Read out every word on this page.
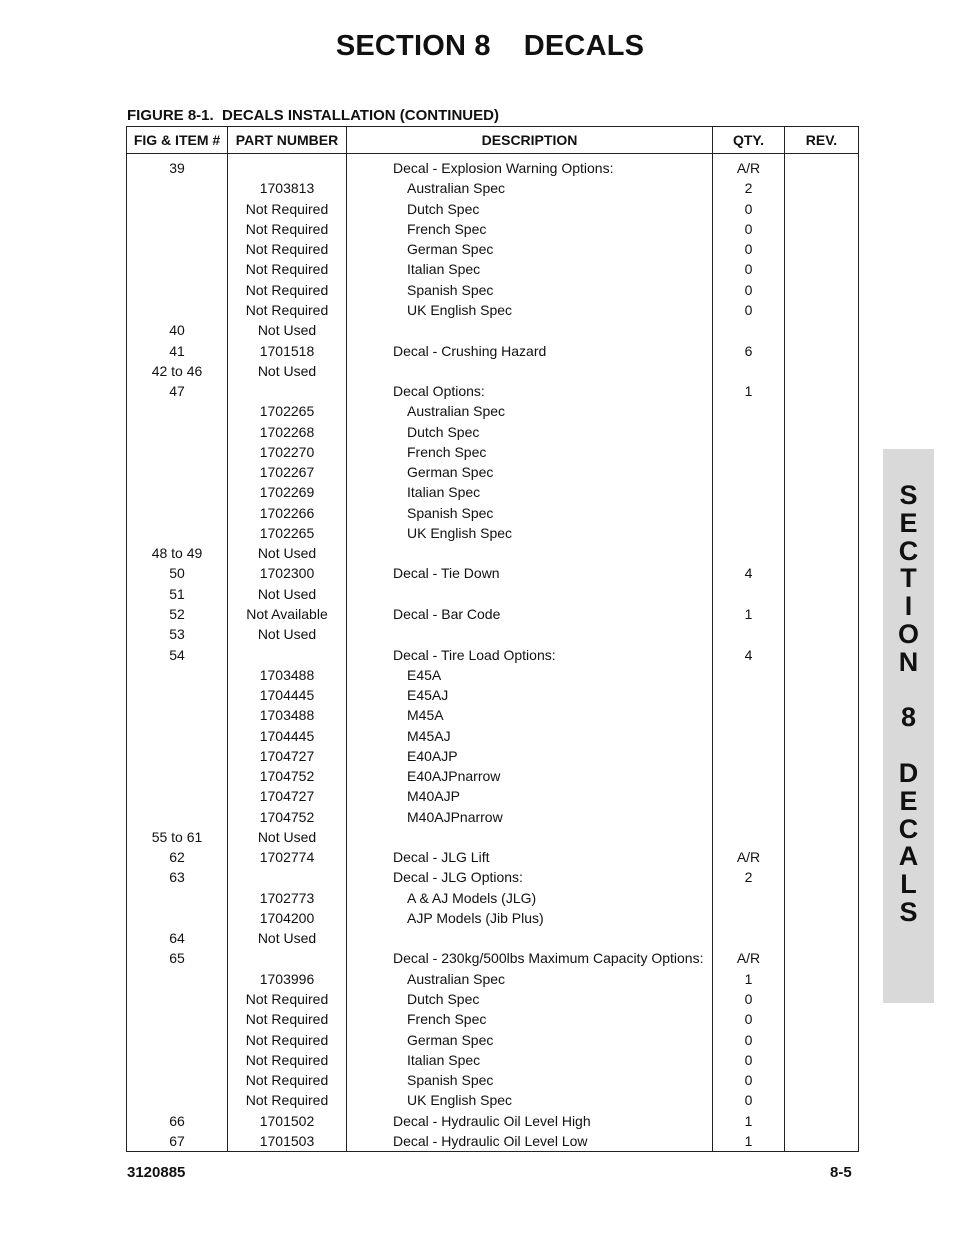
SECTION 8    DECALS
FIGURE 8-1.  DECALS INSTALLATION (CONTINUED)
FIG & ITEM #	PART NUMBER	DESCRIPTION	QTY.	REV.
39		Decal - Explosion Warning Options:	A/R	
	1703813	Australian Spec	2	
	Not Required	Dutch Spec	0	
	Not Required	French Spec	0	
	Not Required	German Spec	0	
	Not Required	Italian Spec	0	
	Not Required	Spanish Spec	0	
	Not Required	UK English Spec	0	
40	Not Used			
41	1701518	Decal - Crushing Hazard	6	
42 to 46	Not Used			
47		Decal Options:	1	
	1702265	Australian Spec		
	1702268	Dutch Spec		
	1702270	French Spec		
	1702267	German Spec		
	1702269	Italian Spec		
	1702266	Spanish Spec		
	1702265	UK English Spec		
48 to 49	Not Used			
50	1702300	Decal - Tie Down	4	
51	Not Used			
52	Not Available	Decal - Bar Code	1	
53	Not Used			
54		Decal - Tire Load Options:	4	
	1703488	E45A		
	1704445	E45AJ		
	1703488	M45A		
	1704445	M45AJ		
	1704727	E40AJP		
	1704752	E40AJPnarrow		
	1704727	M40AJP		
	1704752	M40AJPnarrow		
55 to 61	Not Used			
62	1702774	Decal - JLG Lift	A/R	
63		Decal - JLG Options:	2	
	1702773	A & AJ Models (JLG)		
	1704200	AJP Models (Jib Plus)		
64	Not Used			
65		Decal - 230kg/500lbs Maximum Capacity Options:	A/R	
	1703996	Australian Spec	1	
	Not Required	Dutch Spec	0	
	Not Required	French Spec	0	
	Not Required	German Spec	0	
	Not Required	Italian Spec	0	
	Not Required	Spanish Spec	0	
	Not Required	UK English Spec	0	
66	1701502	Decal - Hydraulic Oil Level High	1	
67	1701503	Decal - Hydraulic Oil Level Low	1	
S
E
C
T
I
O
N
8
D
E
C
A
L
S
3120885	8-5
